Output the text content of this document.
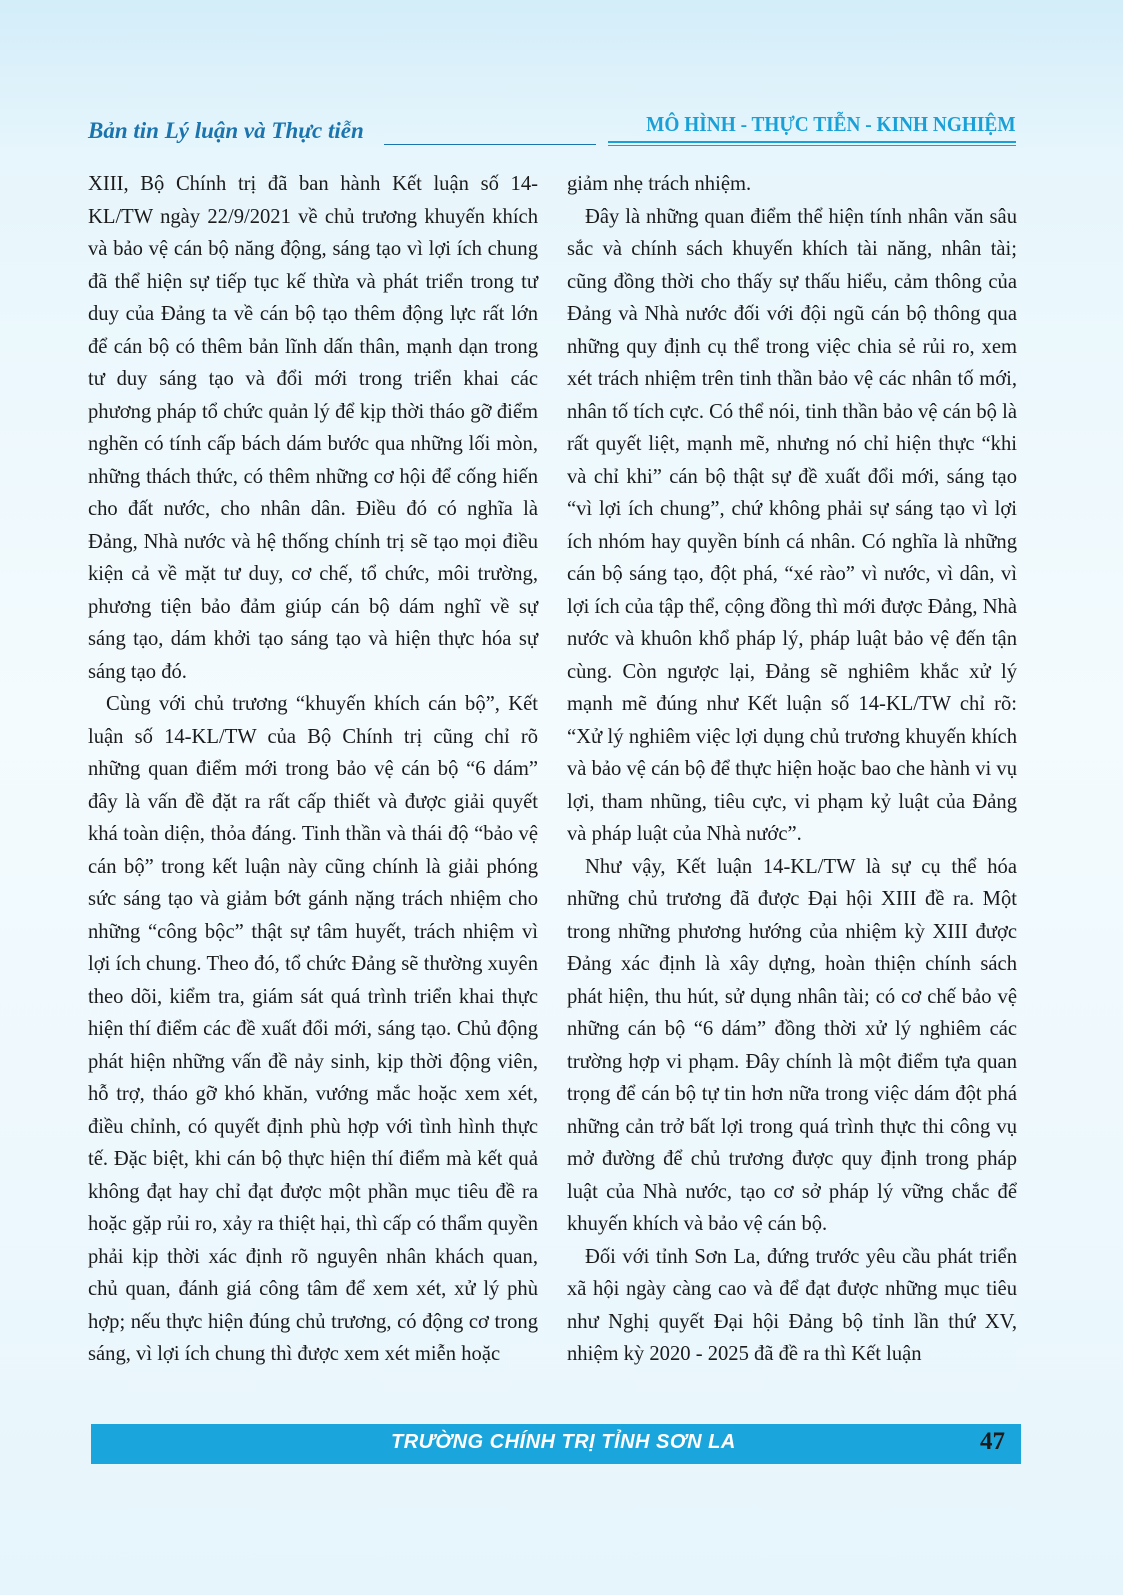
Bản tin Lý luận và Thực tiễn	MÔ HÌNH - THỰC TIỄN - KINH NGHIỆM

XIII, Bộ Chính trị đã ban hành Kết luận số 14-KL/TW ngày 22/9/2021 về chủ trương khuyến khích và bảo vệ cán bộ năng động, sáng tạo vì lợi ích chung đã thể hiện sự tiếp tục kế thừa và phát triển trong tư duy của Đảng ta về cán bộ tạo thêm động lực rất lớn để cán bộ có thêm bản lĩnh dấn thân, mạnh dạn trong tư duy sáng tạo và đổi mới trong triển khai các phương pháp tổ chức quản lý để kịp thời tháo gỡ điểm nghẽn có tính cấp bách dám bước qua những lối mòn, những thách thức, có thêm những cơ hội để cống hiến cho đất nước, cho nhân dân. Điều đó có nghĩa là Đảng, Nhà nước và hệ thống chính trị sẽ tạo mọi điều kiện cả về mặt tư duy, cơ chế, tổ chức, môi trường, phương tiện bảo đảm giúp cán bộ dám nghĩ về sự sáng tạo, dám khởi tạo sáng tạo và hiện thực hóa sự sáng tạo đó.

Cùng với chủ trương “khuyến khích cán bộ”, Kết luận số 14-KL/TW của Bộ Chính trị cũng chỉ rõ những quan điểm mới trong bảo vệ cán bộ “6 dám” đây là vấn đề đặt ra rất cấp thiết và được giải quyết khá toàn diện, thỏa đáng. Tinh thần và thái độ “bảo vệ cán bộ” trong kết luận này cũng chính là giải phóng sức sáng tạo và giảm bớt gánh nặng trách nhiệm cho những “công bộc” thật sự tâm huyết, trách nhiệm vì lợi ích chung. Theo đó, tổ chức Đảng sẽ thường xuyên theo dõi, kiểm tra, giám sát quá trình triển khai thực hiện thí điểm các đề xuất đổi mới, sáng tạo. Chủ động phát hiện những vấn đề nảy sinh, kịp thời động viên, hỗ trợ, tháo gỡ khó khăn, vướng mắc hoặc xem xét, điều chỉnh, có quyết định phù hợp với tình hình thực tế. Đặc biệt, khi cán bộ thực hiện thí điểm mà kết quả không đạt hay chỉ đạt được một phần mục tiêu đề ra hoặc gặp rủi ro, xảy ra thiệt hại, thì cấp có thẩm quyền phải kịp thời xác định rõ nguyên nhân khách quan, chủ quan, đánh giá công tâm để xem xét, xử lý phù hợp; nếu thực hiện đúng chủ trương, có động cơ trong sáng, vì lợi ích chung thì được xem xét miễn hoặc

giảm nhẹ trách nhiệm.

Đây là những quan điểm thể hiện tính nhân văn sâu sắc và chính sách khuyến khích tài năng, nhân tài; cũng đồng thời cho thấy sự thấu hiểu, cảm thông của Đảng và Nhà nước đối với đội ngũ cán bộ thông qua những quy định cụ thể trong việc chia sẻ rủi ro, xem xét trách nhiệm trên tinh thần bảo vệ các nhân tố mới, nhân tố tích cực. Có thể nói, tinh thần bảo vệ cán bộ là rất quyết liệt, mạnh mẽ, nhưng nó chỉ hiện thực “khi và chỉ khi” cán bộ thật sự đề xuất đổi mới, sáng tạo “vì lợi ích chung”, chứ không phải sự sáng tạo vì lợi ích nhóm hay quyền bính cá nhân. Có nghĩa là những cán bộ sáng tạo, đột phá, “xé rào” vì nước, vì dân, vì lợi ích của tập thể, cộng đồng thì mới được Đảng, Nhà nước và khuôn khổ pháp lý, pháp luật bảo vệ đến tận cùng. Còn ngược lại, Đảng sẽ nghiêm khắc xử lý mạnh mẽ đúng như Kết luận số 14-KL/TW chỉ rõ: “Xử lý nghiêm việc lợi dụng chủ trương khuyến khích và bảo vệ cán bộ để thực hiện hoặc bao che hành vi vụ lợi, tham nhũng, tiêu cực, vi phạm kỷ luật của Đảng và pháp luật của Nhà nước”.

Như vậy, Kết luận 14-KL/TW là sự cụ thể hóa những chủ trương đã được Đại hội XIII đề ra. Một trong những phương hướng của nhiệm kỳ XIII được Đảng xác định là xây dựng, hoàn thiện chính sách phát hiện, thu hút, sử dụng nhân tài; có cơ chế bảo vệ những cán bộ “6 dám” đồng thời xử lý nghiêm các trường hợp vi phạm. Đây chính là một điểm tựa quan trọng để cán bộ tự tin hơn nữa trong việc dám đột phá những cản trở bất lợi trong quá trình thực thi công vụ mở đường để chủ trương được quy định trong pháp luật của Nhà nước, tạo cơ sở pháp lý vững chắc để khuyến khích và bảo vệ cán bộ.

Đối với tỉnh Sơn La, đứng trước yêu cầu phát triển xã hội ngày càng cao và để đạt được những mục tiêu như Nghị quyết Đại hội Đảng bộ tỉnh lần thứ XV, nhiệm kỳ 2020 - 2025 đã đề ra thì Kết luận

TRƯỜNG CHÍNH TRỊ TỈNH SƠN LA	47
